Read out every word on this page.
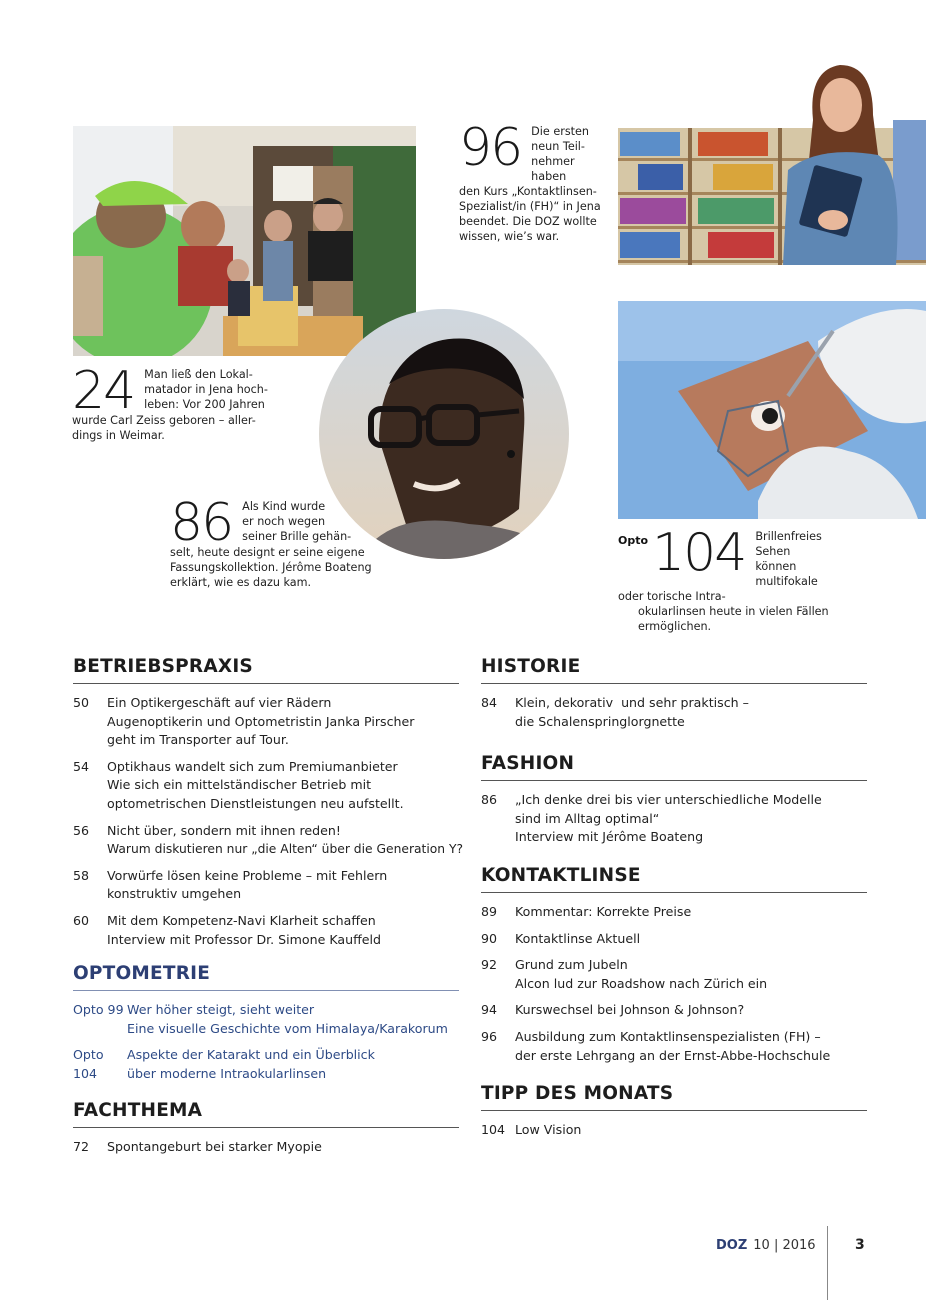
96 Die ersten
neun Teil-
nehmer haben
den Kurs „Kontaktlinsen-
Spezialist/in (FH)“ in Jena
beendet. Die DOZ wollte
wissen, wie’s war.
24 Man ließ den Lokal-
matador in Jena hoch-
leben: Vor 200 Jahren
wurde Carl Zeiss geboren – aller-
dings in Weimar.
86 Als Kind wurde
er noch wegen
seiner Brille gehän-
selt, heute designt er seine eigene
Fassungskollektion. Jérôme Boateng
erklärt, wie es dazu kam.
Opto 104 Brillenfreies Sehen
können multifokale
oder torische Intra-
okularlinsen heute in vielen Fällen
ermöglichen.
BETRIEBSPRAXIS
50	Ein Optikergeschäft auf vier Rädern
Augenoptikerin und Optometristin Janka Pirscher
geht im Transporter auf Tour.
54	Optikhaus wandelt sich zum Premiumanbieter
Wie sich ein mittelständischer Betrieb mit
optometrischen Dienstleistungen neu aufstellt.
56	Nicht über, sondern mit ihnen reden!
Warum diskutieren nur „die Alten“ über die Generation Y?
58	Vorwürfe lösen keine Probleme – mit Fehlern
konstruktiv umgehen
60	Mit dem Kompetenz-Navi Klarheit schaffen
Interview mit Professor Dr. Simone Kauffeld
OPTOMETRIE
Opto 99 Wer höher steigt, sieht weiter
Eine visuelle Geschichte vom Himalaya/Karakorum
Opto 104
Aspekte der Katarakt und ein Überblick
über moderne Intraokularlinsen
FACHTHEMA
72	Spontangeburt bei starker Myopie
HISTORIE
84	Klein, dekorativ  und sehr praktisch –
die Schalenspringlorgnette
FASHION
86	„Ich denke drei bis vier unterschiedliche Modelle
sind im Alltag optimal“
Interview mit Jérôme Boateng
KONTAKTLINSE
89	Kommentar: Korrekte Preise
90	Kontaktlinse Aktuell
92	Grund zum Jubeln
Alcon lud zur Roadshow nach Zürich ein
94	Kurswechsel bei Johnson & Johnson?
96	Ausbildung zum Kontaktlinsenspezialisten (FH) –
der erste Lehrgang an der Ernst-Abbe-Hochschule
TIPP DES MONATS
104 Low Vision
DOZ 10 | 2016	3
